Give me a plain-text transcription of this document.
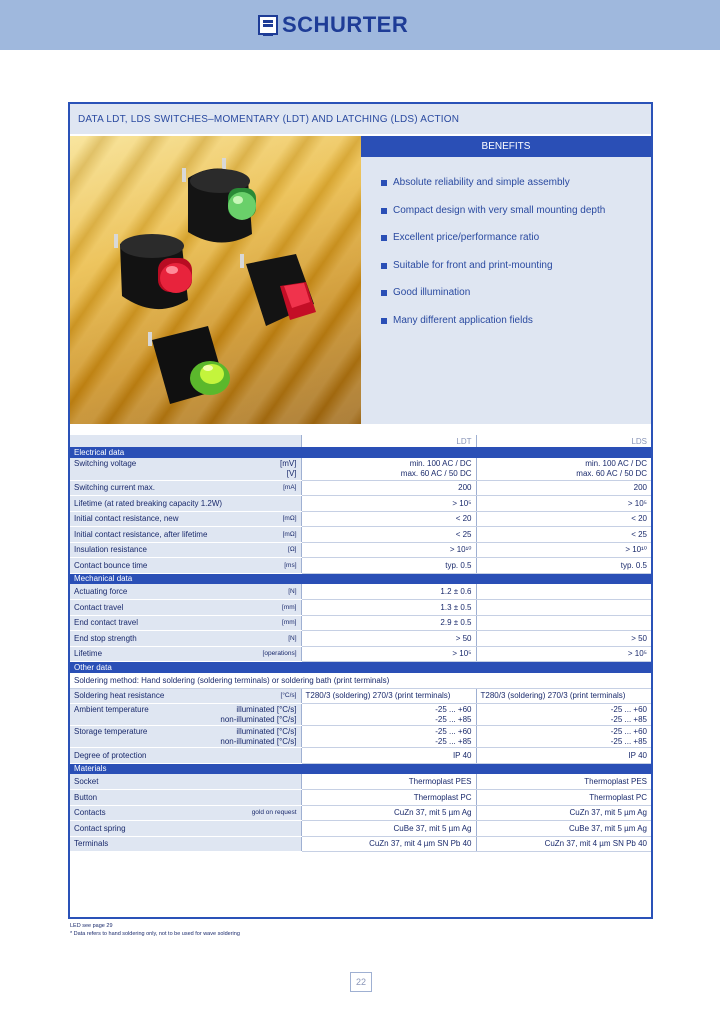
SCHURTER
DATA LDT, LDS SWITCHES–MOMENTARY (LDT) AND LATCHING (LDS) ACTION
BENEFITS
Absolute reliability and simple assembly
Compact design with very small mounting depth
Excellent price/performance ratio
Suitable for front and print-mounting
Good illumination
Many different application fields
	LDT	LDS
Electrical data		

Switching voltage [mV]
[V]	min. 100 AC / DC
max. 60 AC / 50 DC	min. 100 AC / DC
max. 60 AC / 50 DC

Switching current max. [mA]	200	200
Lifetime (at rated breaking capacity 1.2W)	> 10⁵	> 10⁵

Initial contact resistance, new [mΩ]	< 20	< 20

Initial contact resistance, after lifetime [mΩ]	< 25	< 25

Insulation resistance [Ω]	> 10¹⁰	> 10¹⁰

Contact bounce time [ms]	typ. 0.5	typ. 0.5
Mechanical data		

Actuating force [N]	1.2 ± 0.6	

Contact travel [mm]	1.3 ± 0.5	

End contact travel [mm]	2.9 ± 0.5	

End stop strength [N]	> 50	> 50

Lifetime [operations]	> 10⁵	> 10⁵
Other data		
Soldering method: Hand soldering (soldering terminals) or soldering bath (print terminals)		

Soldering heat resistance [°C/s]	T280/3 (soldering) 270/3 (print terminals)	T280/3 (soldering) 270/3 (print terminals)

Ambient temperature illuminated [°C/s]
non-illuminated [°C/s]	-25 ... +60
-25 ... +85	-25 ... +60
-25 ... +85

Storage temperature illuminated [°C/s]
non-illuminated [°C/s]	-25 ... +60
-25 ... +85	-25 ... +60
-25 ... +85

Degree of protection	IP 40	IP 40
Materials		
Socket	Thermoplast PES	Thermoplast PES
Button	Thermoplast PC	Thermoplast PC

Contacts gold on request	CuZn 37, mit 5 µm Ag	CuZn 37, mit 5 µm Ag
Contact spring	CuBe 37, mit 5 µm Ag	CuBe 37, mit 5 µm Ag
Terminals	CuZn 37, mit 4 µm SN Pb 40	CuZn 37, mit 4 µm SN Pb 40
LED see page 29
* Data refers to hand soldering only, not to be used for wave soldering
22
